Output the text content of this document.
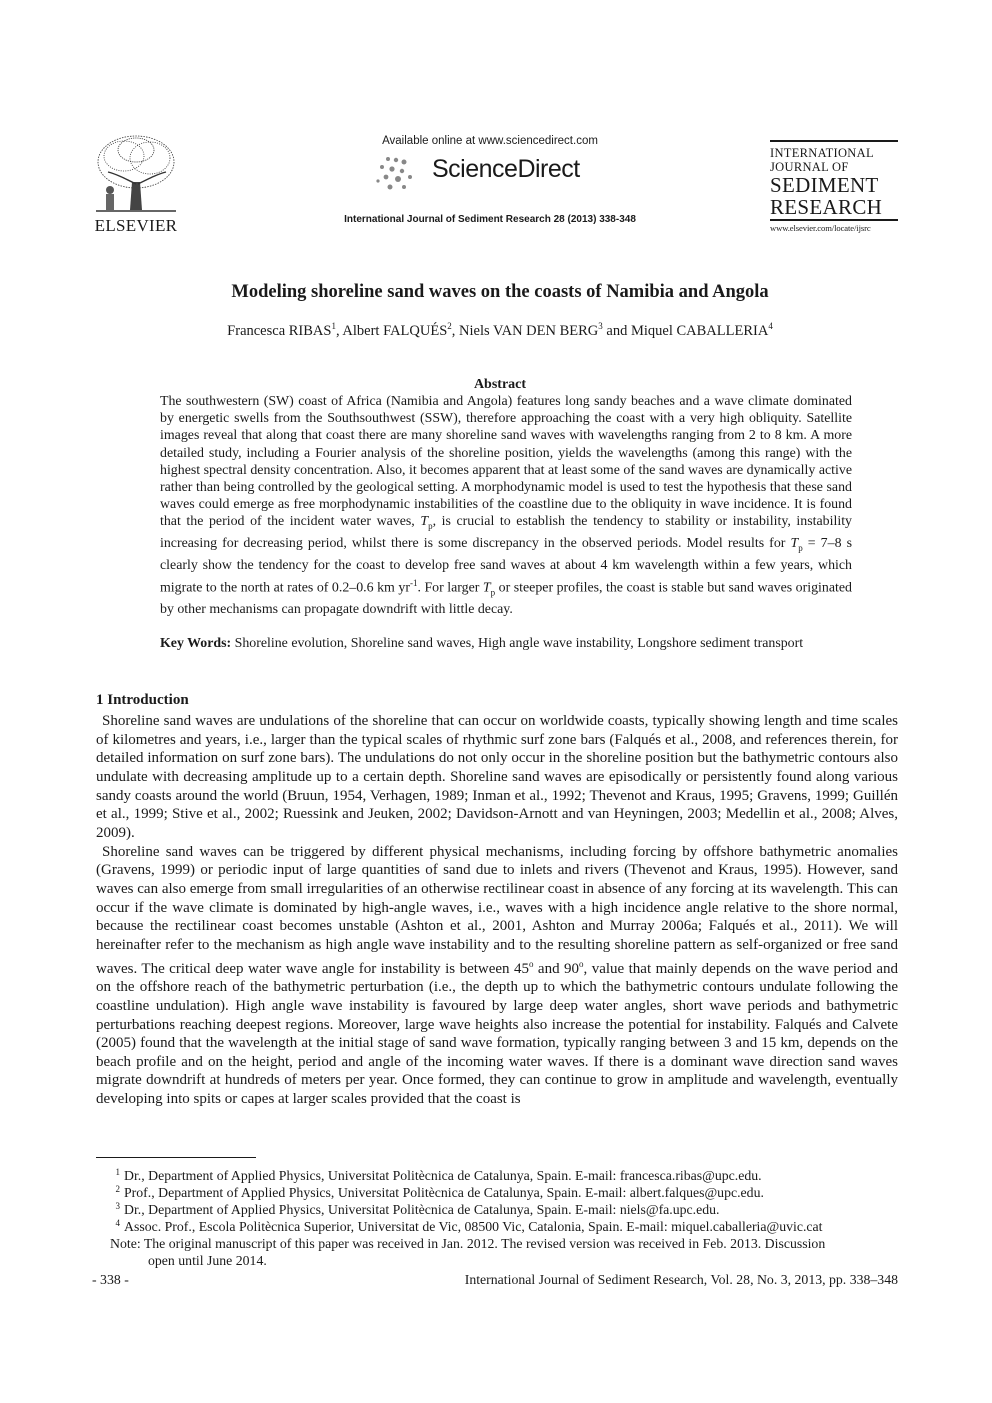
ELSEVIER
Available online at www.sciencedirect.com
ScienceDirect
International Journal of Sediment Research 28 (2013) 338-348
INTERNATIONAL
JOURNAL OF
SEDIMENT
RESEARCH
www.elsevier.com/locate/ijsrc
Modeling shoreline sand waves on the coasts of Namibia and Angola
Francesca RIBAS$^1$, Albert FALQUÉS$^2$, Niels VAN DEN BERG$^3$ and Miquel CABALLERIA$^4$
Abstract
The southwestern (SW) coast of Africa (Namibia and Angola) features long sandy beaches and a wave climate dominated by energetic swells from the Southsouthwest (SSW), therefore approaching the coast with a very high obliquity. Satellite images reveal that along that coast there are many shoreline sand waves with wavelengths ranging from 2 to 8 km. A more detailed study, including a Fourier analysis of the shoreline position, yields the wavelengths (among this range) with the highest spectral density concentration. Also, it becomes apparent that at least some of the sand waves are dynamically active rather than being controlled by the geological setting. A morphodynamic model is used to test the hypothesis that these sand waves could emerge as free morphodynamic instabilities of the coastline due to the obliquity in wave incidence. It is found that the period of the incident water waves, $T_p$, is crucial to establish the tendency to stability or instability, instability increasing for decreasing period, whilst there is some discrepancy in the observed periods. Model results for $T_p = 7-8$ s clearly show the tendency for the coast to develop free sand waves at about 4 km wavelength within a few years, which migrate to the north at rates of 0.2–0.6 km $yr^{-1}$. For larger $T_p$ or steeper profiles, the coast is stable but sand waves originated by other mechanisms can propagate downdrift with little decay.
Key Words: Shoreline evolution, Shoreline sand waves, High angle wave instability, Longshore sediment transport
1 Introduction

Shoreline sand waves are undulations of the shoreline that can occur on worldwide coasts, typically showing length and time scales of kilometres and years, i.e., larger than the typical scales of rhythmic surf zone bars (Falqués et al., 2008, and references therein, for detailed information on surf zone bars). The undulations do not only occur in the shoreline position but the bathymetric contours also undulate with decreasing amplitude up to a certain depth. Shoreline sand waves are episodically or persistently found along various sandy coasts around the world (Bruun, 1954, Verhagen, 1989; Inman et al., 1992; Thevenot and Kraus, 1995; Gravens, 1999; Guillén et al., 1999; Stive et al., 2002; Ruessink and Jeuken, 2002; Davidson-Arnott and van Heyningen, 2003; Medellin et al., 2008; Alves, 2009).

Shoreline sand waves can be triggered by different physical mechanisms, including forcing by offshore bathymetric anomalies (Gravens, 1999) or periodic input of large quantities of sand due to inlets and rivers (Thevenot and Kraus, 1995). However, sand waves can also emerge from small irregularities of an otherwise rectilinear coast in absence of any forcing at its wavelength. This can occur if the wave climate is dominated by high-angle waves, i.e., waves with a high incidence angle relative to the shore normal, because the rectilinear coast becomes unstable (Ashton et al., 2001, Ashton and Murray 2006a; Falqués et al., 2011). We will hereinafter refer to the mechanism as high angle wave instability and to the resulting shoreline pattern as self-organized or free sand waves. The critical deep water wave angle for instability is between 45$^o$ and 90$^o$, value that mainly depends on the wave period and on the offshore reach of the bathymetric perturbation (i.e., the depth up to which the bathymetric contours undulate following the coastline undulation). High angle wave instability is favoured by large deep water angles, short wave periods and bathymetric perturbations reaching deepest regions. Moreover, large wave heights also increase the potential for instability. Falqués and Calvete (2005) found that the wavelength at the initial stage of sand wave formation, typically ranging between 3 and 15 km, depends on the beach profile and on the height, period and angle of the incoming water waves. If there is a dominant wave direction sand waves migrate downdrift at hundreds of meters per year. Once formed, they can continue to grow in amplitude and wavelength, eventually developing into spits or capes at larger scales provided that the coast is

1 Dr., Department of Applied Physics, Universitat Politècnica de Catalunya, Spain. E-mail: francesca.ribas@upc.edu.
2 Prof., Department of Applied Physics, Universitat Politècnica de Catalunya, Spain. E-mail: albert.falques@upc.edu.
3 Dr., Department of Applied Physics, Universitat Politècnica de Catalunya, Spain. E-mail: niels@fa.upc.edu.
4 Assoc. Prof., Escola Politècnica Superior, Universitat de Vic, 08500 Vic, Catalonia, Spain. E-mail: miquel.caballeria@uvic.cat
Note: The original manuscript of this paper was received in Jan. 2012. The revised version was received in Feb. 2013. Discussion
open until June 2014.
- 338 -	International Journal of Sediment Research, Vol. 28, No. 3, 2013, pp. 338–348
